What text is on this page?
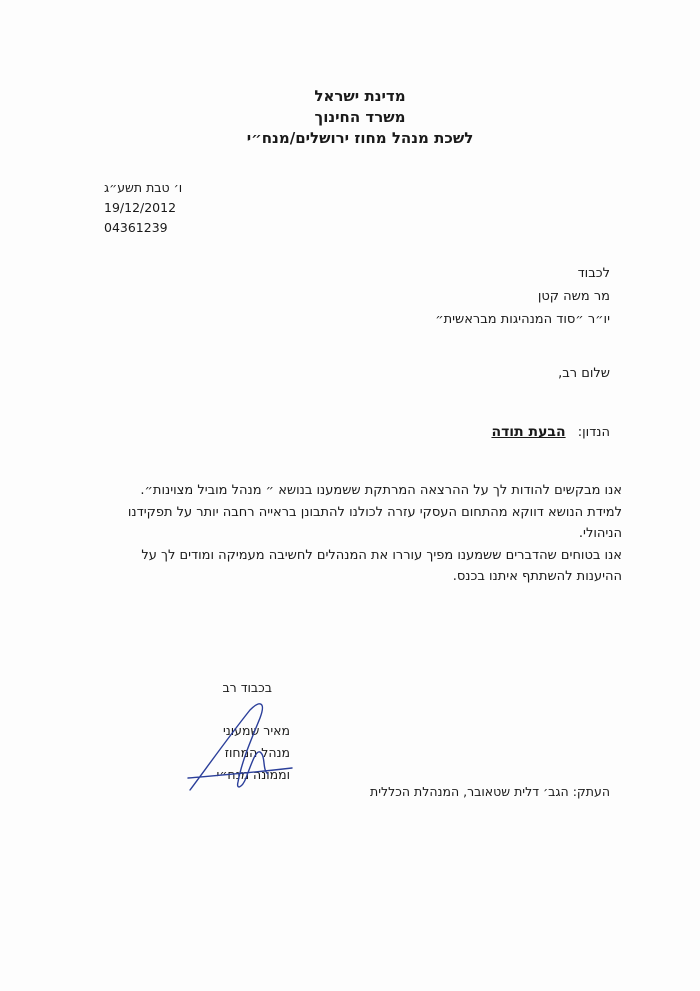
מדינת ישראל
משרד החינוך
לשכת מנהל מחוז ירושלים/מנח״י
ו׳ טבת תשע״ג
19/12/2012
04361239
לכבוד
מר משה קטן
יו״ר ״סוד המנהיגות מבראשית״
שלום רב,
הנדון: הבעת תודה

אנו מבקשים להודות לך על ההרצאה המרתקת ששמענו בנושא ״ מנהל מוביל מצוינות״.

למידת הנושא דווקא מהתחום העסקי עזרה לכולנו להתבונן בראייה רחבה יותר על תפקידנו הניהולי.

אנו בטוחים שהדברים ששמענו מפיך עוררו את המנהלים לחשיבה מעמיקה ומודים לך על ההיענות להשתתף איתנו בכנס.

בכבוד רב
מאיר שמעוני
מנהל המחוז
וממונה מנח״י
העתק: הגב׳ דלית שטאובר, המנהלת הכללית
